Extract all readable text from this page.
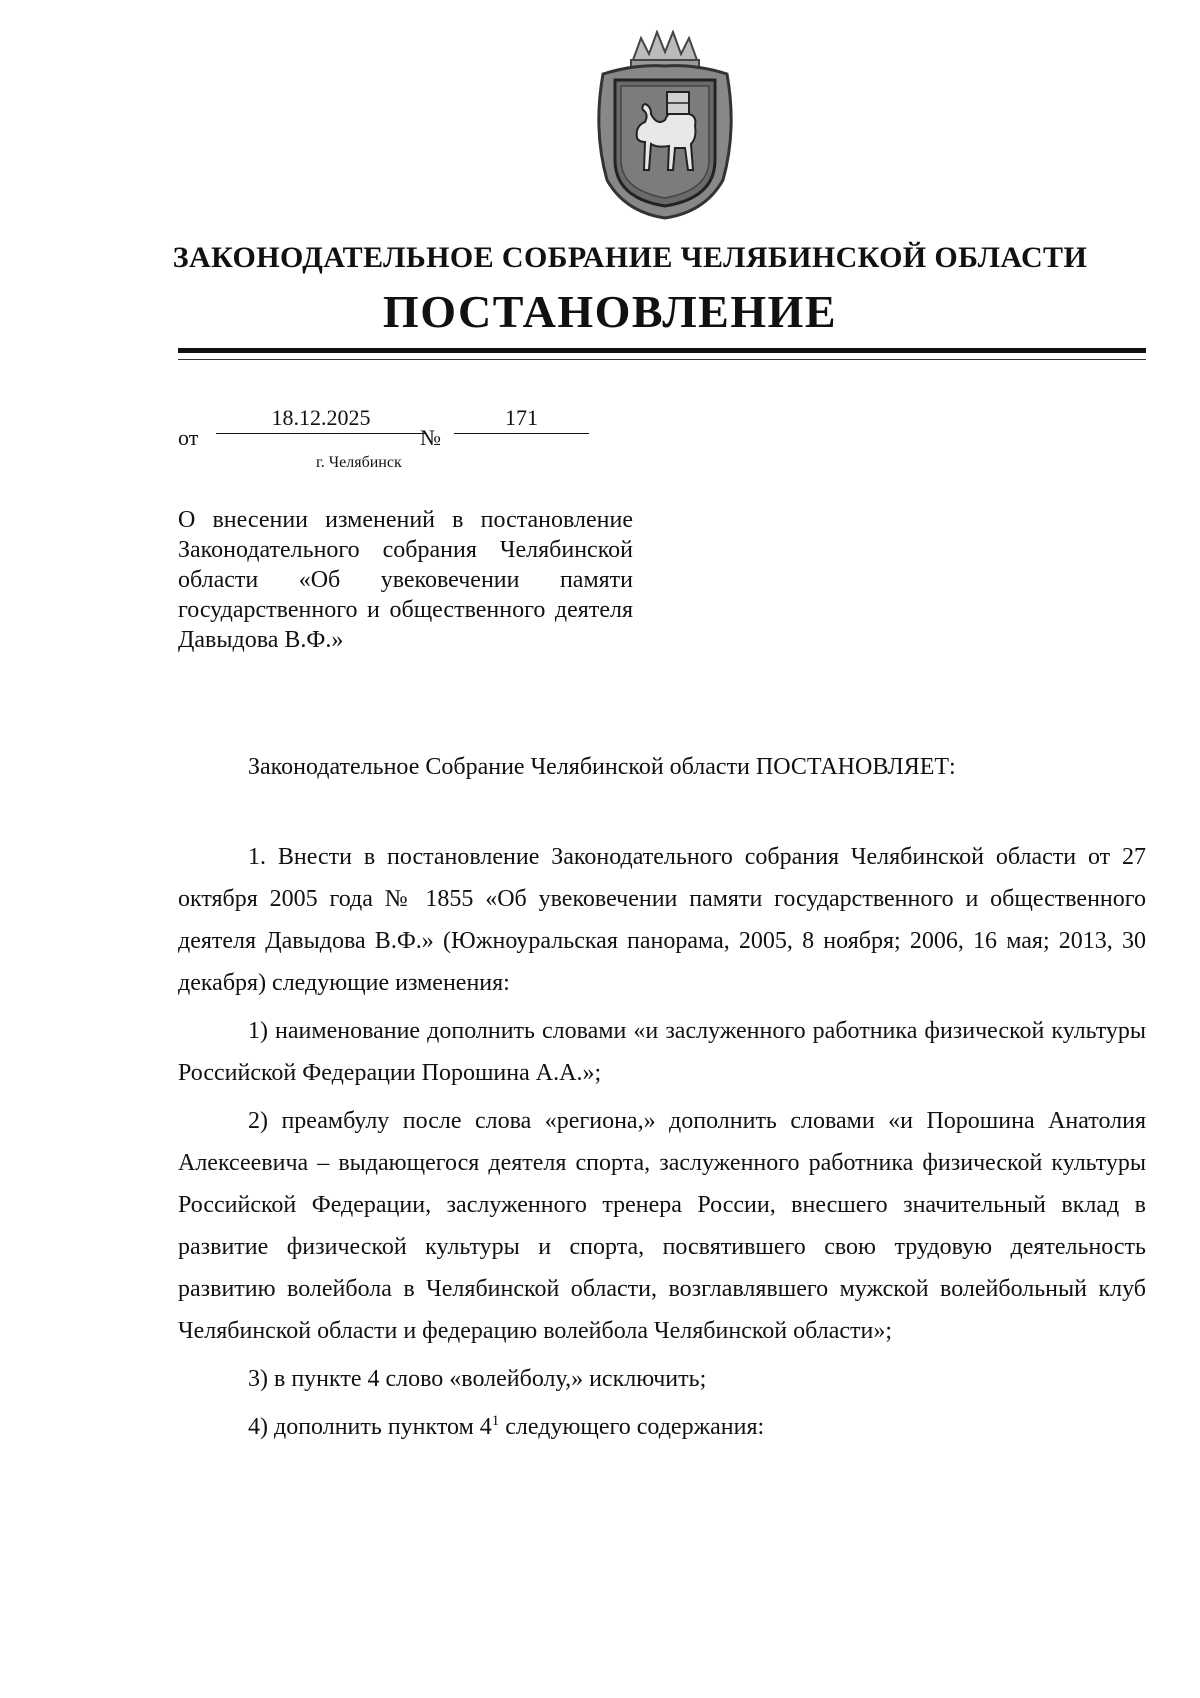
ЗАКОНОДАТЕЛЬНОЕ СОБРАНИЕ ЧЕЛЯБИНСКОЙ ОБЛАСТИ
ПОСТАНОВЛЕНИЕ
от
18.12.2025
№
171
г. Челябинск
О внесении изменений в постановление Законодательного собрания Челябинской области «Об увековечении памяти государственного и общественного деятеля Давыдова В.Ф.»
Законодательное Собрание Челябинской области ПОСТАНОВЛЯЕТ:

1. Внести в постановление Законодательного собрания Челябинской области от 27 октября 2005 года № 1855 «Об увековечении памяти государственного и общественного деятеля Давыдова В.Ф.» (Южноуральская панорама, 2005, 8 ноября; 2006, 16 мая; 2013, 30 декабря) следующие изменения:

1) наименование дополнить словами «и заслуженного работника физической культуры Российской Федерации Порошина А.А.»;

2) преамбулу после слова «региона,» дополнить словами «и Порошина Анатолия Алексеевича – выдающегося деятеля спорта, заслуженного работника физической культуры Российской Федерации, заслуженного тренера России, внесшего значительный вклад в развитие физической культуры и спорта, посвятившего свою трудовую деятельность развитию волейбола в Челябинской области, возглавлявшего мужской волейбольный клуб Челябинской области и федерацию волейбола Челябинской области»;

3) в пункте 4 слово «волейболу,» исключить;

4) дополнить пунктом $4^1$ следующего содержания:
